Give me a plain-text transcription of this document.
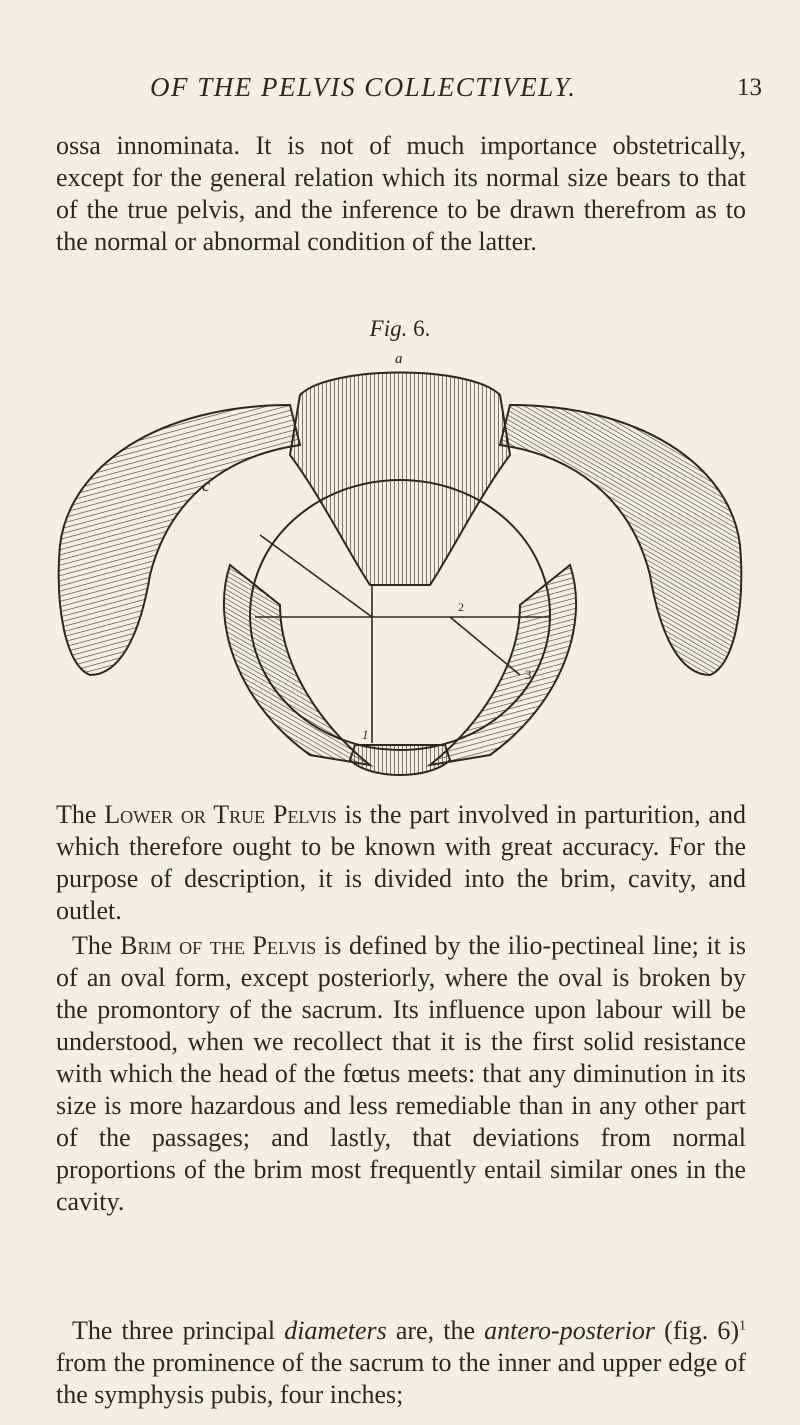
OF THE PELVIS COLLECTIVELY.	13

ossa innominata. It is not of much importance obstetrically, except for the general relation which its normal size bears to that of the true pelvis, and the inference to be drawn therefrom as to the normal or abnormal condition of the latter.

Fig. 6.
a
c
2
3
1

The Lower or True Pelvis is the part involved in parturition, and which therefore ought to be known with great accuracy. For the purpose of description, it is divided into the brim, cavity, and outlet.

The Brim of the Pelvis is defined by the ilio-pectineal line; it is of an oval form, except posteriorly, where the oval is broken by the promontory of the sacrum. Its influence upon labour will be understood, when we recollect that it is the first solid resistance with which the head of the fœtus meets: that any diminution in its size is more hazardous and less remediable than in any other part of the passages; and lastly, that deviations from normal proportions of the brim most frequently entail similar ones in the cavity.

The three principal diameters are, the antero-posterior (fig. 6)$^1$ from the prominence of the sacrum to the inner and upper edge of the symphysis pubis, four inches;
